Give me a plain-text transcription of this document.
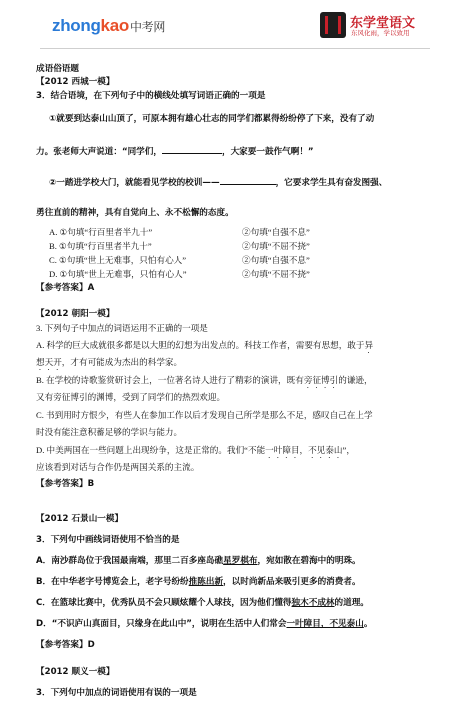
zhongkao中考网	东学堂语文
东风化雨，学以致用
成语俗语题
【2012 西城一模】
3．结合语境，在下列句子中的横线处填写词语正确的一项是
①就要到达泰山山顶了，可原本拥有雄心壮志的同学们都累得纷纷停了下来，没有了动
力。张老师大声说道：“同学们，	，大家要一鼓作气啊！”
②一踏进学校大门，就能看见学校的校训——	，它要求学生具有奋发图强、
勇往直前的精神，具有自觉向上、永不松懈的态度。
A. ①句填“行百里者半九十”	②句填“自强不息”
B. ①句填“行百里者半九十”	②句填“不屈不挠”
C. ①句填“世上无难事，只怕有心人”	②句填“自强不息”
D. ①句填“世上无难事，只怕有心人”	②句填“不屈不挠”
【参考答案】A
【2012 朝阳一模】
3. 下列句子中加点的词语运用不正确的一项是
A. 科学的巨大成就很多都是以大胆的幻想为出发点的。科技工作者，需要有思想，敢于异
想天开，才有可能成为杰出的科学家。
B. 在学校的诗歌鉴赏研讨会上，一位著名诗人进行了精彩的演讲，既有旁征博引的谦逊，
又有旁征博引的渊博，受到了同学们的热烈欢迎。
C. 书到用时方恨少，有些人在参加工作以后才发现自己所学是那么不足，感叹自己在上学
时没有能注意积蓄足够的学识与能力。
D. 中美两国在一些问题上出现纷争，这是正常的。我们“不能一叶障目，不见泰山”，
应该看到对话与合作仍是两国关系的主流。
【参考答案】B
【2012 石景山一模】
3．下列句中画线词语使用不恰当的是
A．南沙群岛位于我国最南端，那里二百多座岛礁星罗棋布，宛如散在碧海中的明珠。
B．在中华老字号博览会上，老字号纷纷推陈出新，以时尚新品来吸引更多的消费者。
C．在篮球比赛中，优秀队员不会只顾炫耀个人球技，因为他们懂得独木不成林的道理。
D．“不识庐山真面目，只缘身在此山中”，说明在生活中人们常会一叶障目，不见泰山。
【参考答案】D
【2012 顺义一模】
3．下列句中加点的词语使用有误的一项是
